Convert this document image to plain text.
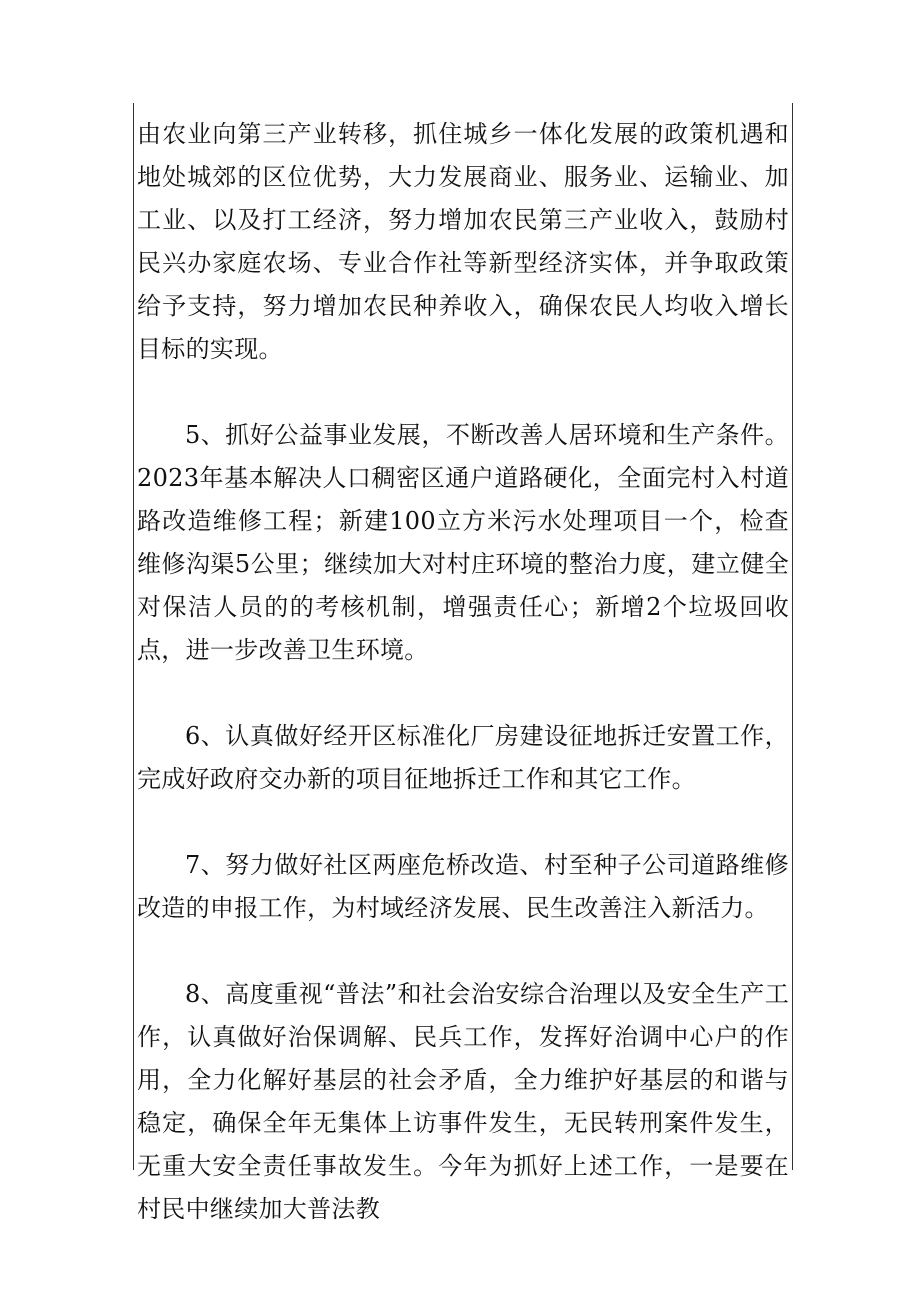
由农业向第三产业转移，抓住城乡一体化发展的政策机遇和地处城郊的区位优势，大力发展商业、服务业、运输业、加工业、以及打工经济，努力增加农民第三产业收入，鼓励村民兴办家庭农场、专业合作社等新型经济实体，并争取政策给予支持，努力增加农民种养收入，确保农民人均收入增长目标的实现。

5、抓好公益事业发展，不断改善人居环境和生产条件。2023年基本解决人口稠密区通户道路硬化，全面完村入村道路改造维修工程；新建100立方米污水处理项目一个，检查维修沟渠5公里；继续加大对村庄环境的整治力度，建立健全对保洁人员的的考核机制，增强责任心；新增2个垃圾回收点，进一步改善卫生环境。

6、认真做好经开区标准化厂房建设征地拆迁安置工作，完成好政府交办新的项目征地拆迁工作和其它工作。

7、努力做好社区两座危桥改造、村至种子公司道路维修改造的申报工作，为村域经济发展、民生改善注入新活力。

8、高度重视“普法”和社会治安综合治理以及安全生产工作，认真做好治保调解、民兵工作，发挥好治调中心户的作用，全力化解好基层的社会矛盾，全力维护好基层的和谐与稳定，确保全年无集体上访事件发生，无民转刑案件发生，无重大安全责任事故发生。今年为抓好上述工作，一是要在村民中继续加大普法教
